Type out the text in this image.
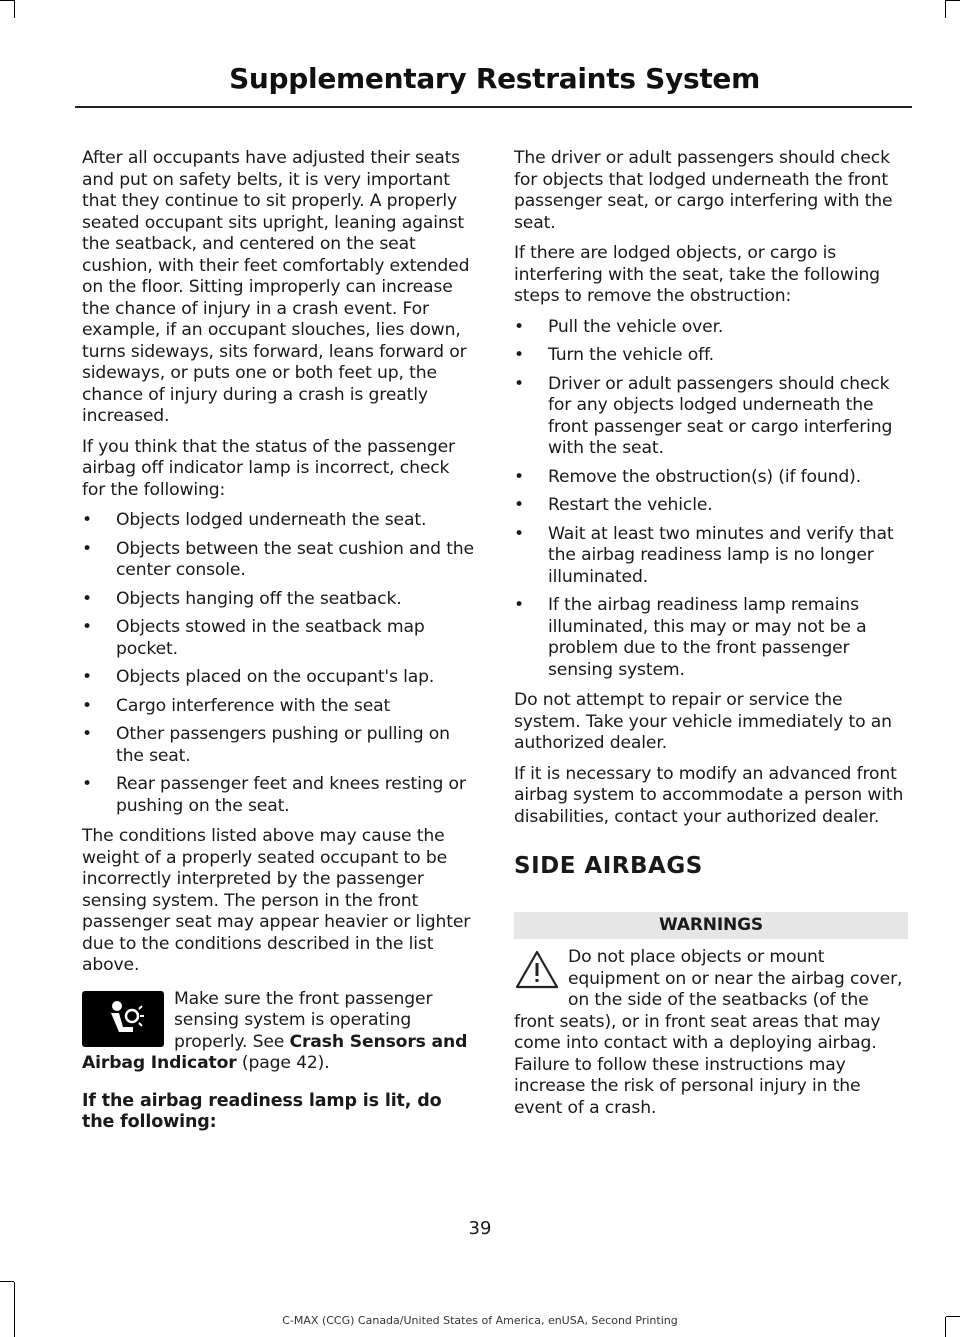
Supplementary Restraints System

After all occupants have adjusted their seats and put on safety belts, it is very important that they continue to sit properly. A properly seated occupant sits upright, leaning against the seatback, and centered on the seat cushion, with their feet comfortably extended on the floor. Sitting improperly can increase the chance of injury in a crash event. For example, if an occupant slouches, lies down, turns sideways, sits forward, leans forward or sideways, or puts one or both feet up, the chance of injury during a crash is greatly increased.

If you think that the status of the passenger airbag off indicator lamp is incorrect, check for the following:

• Objects lodged underneath the seat.
• Objects between the seat cushion and the center console.
• Objects hanging off the seatback.
• Objects stowed in the seatback map pocket.
• Objects placed on the occupant's lap.
• Cargo interference with the seat
• Other passengers pushing or pulling on the seat.
• Rear passenger feet and knees resting or pushing on the seat.

The conditions listed above may cause the weight of a properly seated occupant to be incorrectly interpreted by the passenger sensing system. The person in the front passenger seat may appear heavier or lighter due to the conditions described in the list above.

Make sure the front passenger sensing system is operating properly. See Crash Sensors and Airbag Indicator (page 42).

If the airbag readiness lamp is lit, do the following:

The driver or adult passengers should check for objects that lodged underneath the front passenger seat, or cargo interfering with the seat.

If there are lodged objects, or cargo is interfering with the seat, take the following steps to remove the obstruction:

• Pull the vehicle over.
• Turn the vehicle off.
• Driver or adult passengers should check for any objects lodged underneath the front passenger seat or cargo interfering with the seat.
• Remove the obstruction(s) (if found).
• Restart the vehicle.
• Wait at least two minutes and verify that the airbag readiness lamp is no longer illuminated.
• If the airbag readiness lamp remains illuminated, this may or may not be a problem due to the front passenger sensing system.

Do not attempt to repair or service the system. Take your vehicle immediately to an authorized dealer.

If it is necessary to modify an advanced front airbag system to accommodate a person with disabilities, contact your authorized dealer.

SIDE AIRBAGS

WARNINGS
Do not place objects or mount equipment on or near the airbag cover, on the side of the seatbacks (of the front seats), or in front seat areas that may come into contact with a deploying airbag. Failure to follow these instructions may increase the risk of personal injury in the event of a crash.
39
C-MAX (CCG) Canada/United States of America, enUSA, Second Printing
